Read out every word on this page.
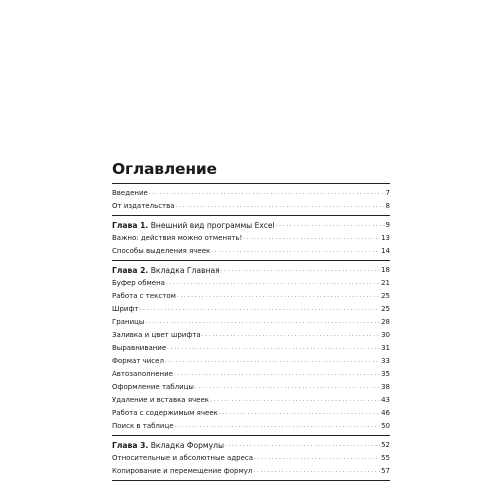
Оглавление
Введение . . .	7
От издательства . . .	8
Глава 1. Внешний вид программы Excel . . .	9
Важно: действия можно отменять! . . .	13
Способы выделения ячеек . . .	14
Глава 2. Вкладка Главная . . .	18
Буфер обмена . . .	21
Работа с текстом . . .	25
Шрифт . . .	25
Границы . . .	28
Заливка и цвет шрифта . . .	30
Выравнивание . . .	31
Формат чисел . . .	33
Автозаполнение . . .	35
Оформление таблицы . . .	38
Удаление и вставка ячеек . . .	43
Работа с содержимым ячеек . . .	46
Поиск в таблице . . .	50
Глава 3. Вкладка Формулы . . .	52
Относительные и абсолютные адреса . . .	55
Копирование и перемещение формул . . .	57
